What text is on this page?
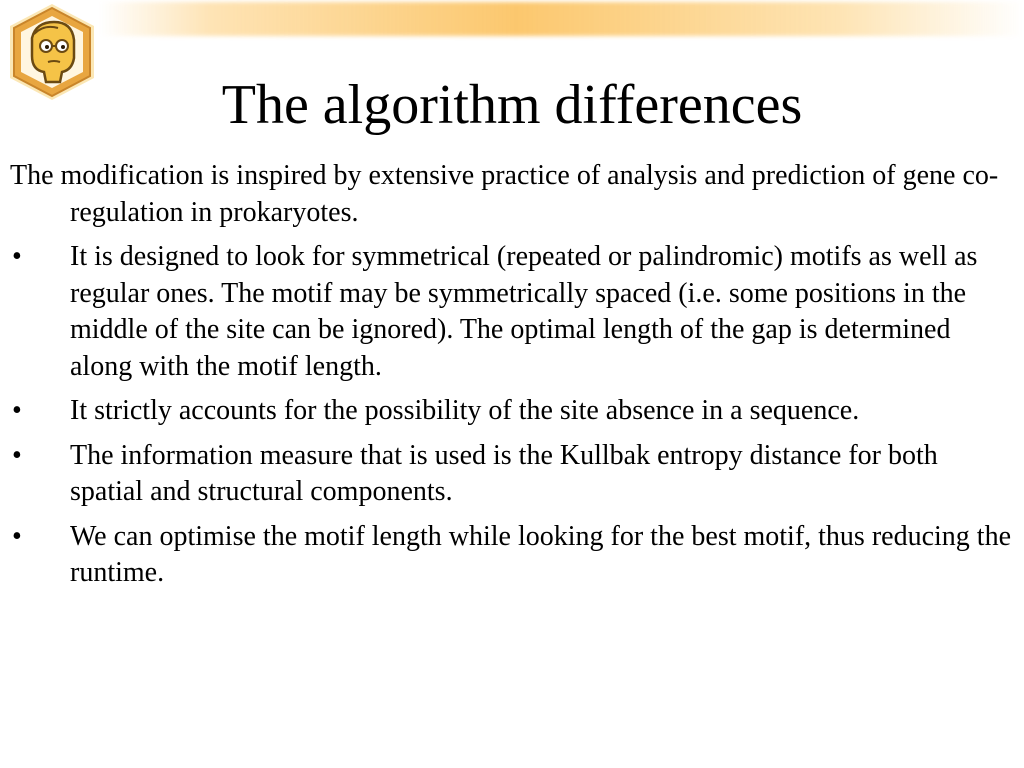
The algorithm differences

The modification is inspired by extensive practice of analysis and prediction of gene co-regulation in prokaryotes.

• It is designed to look for symmetrical (repeated or palindromic) motifs as well as regular ones. The motif may be symmetrically spaced (i.e. some positions in the middle of the site can be ignored). The optimal length of the gap is determined along with the motif length.
• It strictly accounts for the possibility of the site absence in a sequence.
• The information measure that is used is the Kullbak entropy distance for both spatial and structural components.
• We can optimise the motif length while looking for the best motif, thus reducing the runtime.
